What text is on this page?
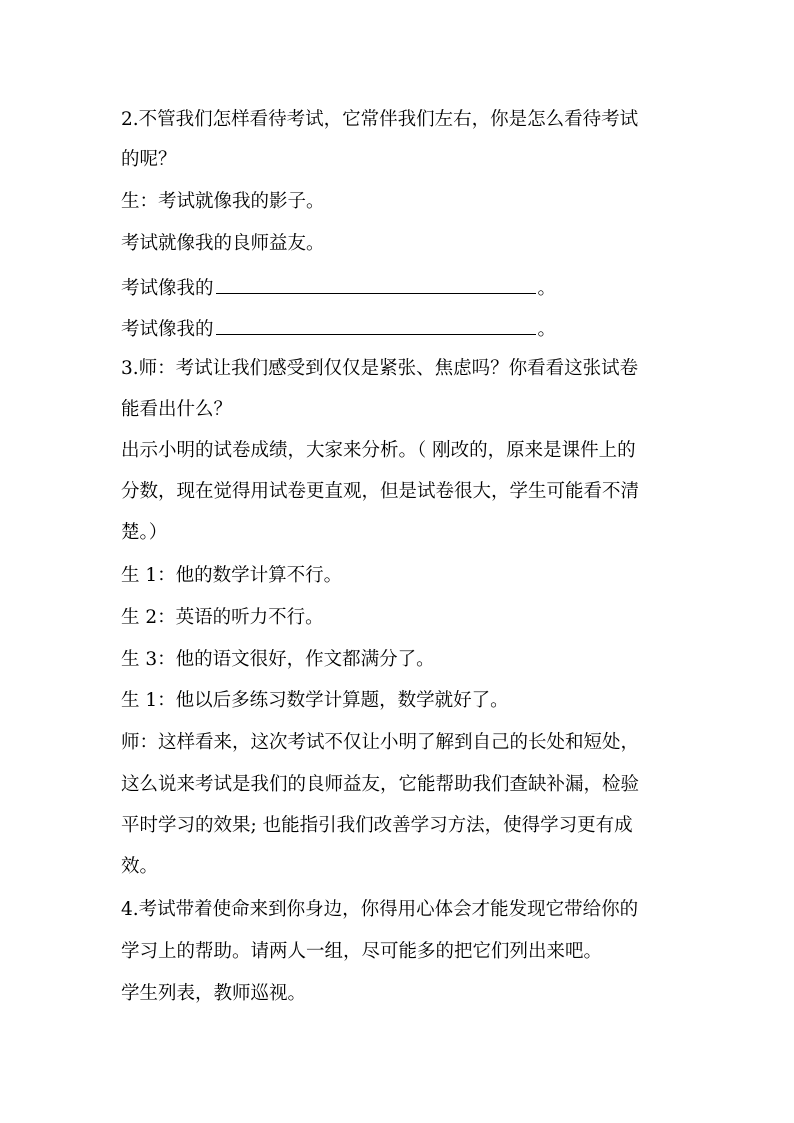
2.不管我们怎样看待考试，它常伴我们左右，你是怎么看待考试
的呢？
生：考试就像我的影子。
考试就像我的良师益友。
考试像我的	。
考试像我的	。
3.师：考试让我们感受到仅仅是紧张、焦虑吗？你看看这张试卷
能看出什么？
出示小明的试卷成绩，大家来分析。（ 刚改的，原来是课件上的
分数，现在觉得用试卷更直观，但是试卷很大，学生可能看不清
楚。）
生 1：他的数学计算不行。
生 2：英语的听力不行。
生 3：他的语文很好，作文都满分了。
生 1：他以后多练习数学计算题，数学就好了。
师：这样看来，这次考试不仅让小明了解到自己的长处和短处，
这么说来考试是我们的良师益友，它能帮助我们查缺补漏，检验
平时学习的效果; 也能指引我们改善学习方法，使得学习更有成
效。
4.考试带着使命来到你身边，你得用心体会才能发现它带给你的
学习上的帮助。请两人一组，尽可能多的把它们列出来吧。
学生列表，教师巡视。
